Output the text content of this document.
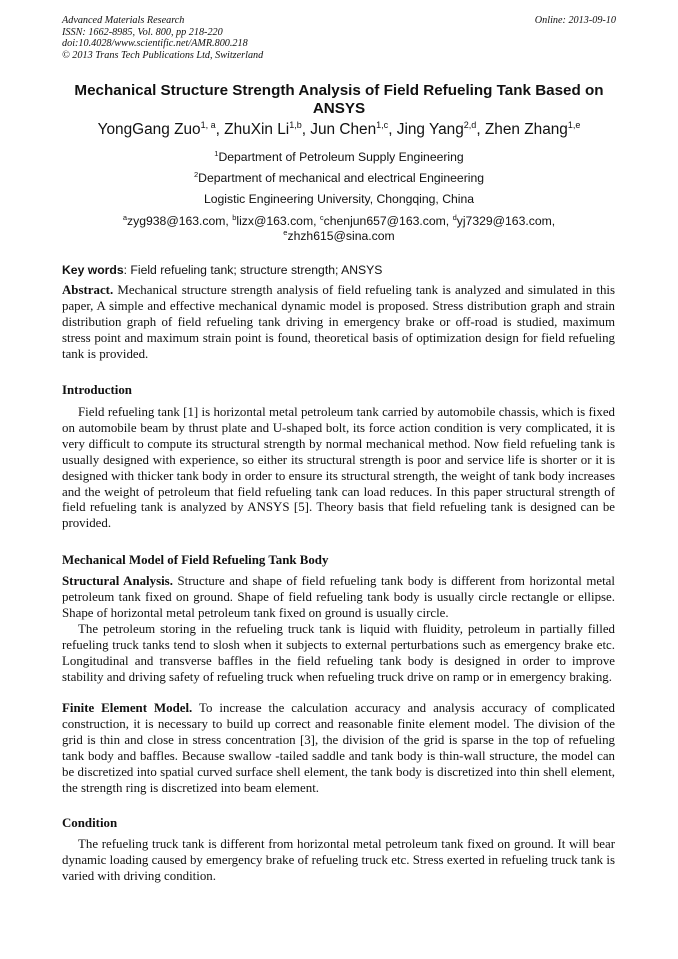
Advanced Materials Research
ISSN: 1662-8985, Vol. 800, pp 218-220
doi:10.4028/www.scientific.net/AMR.800.218
© 2013 Trans Tech Publications Ltd, Switzerland
Online: 2013-09-10
Mechanical Structure Strength Analysis of Field Refueling Tank Based on ANSYS
YongGang Zuo$^{1, a}$, ZhuXin Li$^{1,b}$, Jun Chen$^{1,c}$, Jing Yang$^{2,d}$, Zhen Zhang$^{1,e}$
$^1$Department of Petroleum Supply Engineering
$^2$Department of mechanical and electrical Engineering
Logistic Engineering University, Chongqing, China
$^a$zyg938@163.com, $^b$lizx@163.com, $^c$chenjun657@163.com, $^d$yj7329@163.com,
$^e$zhzh615@sina.com
Key words: Field refueling tank; structure strength; ANSYS
Abstract. Mechanical structure strength analysis of field refueling tank is analyzed and simulated in this paper, A simple and effective mechanical dynamic model is proposed. Stress distribution graph and strain distribution graph of field refueling tank driving in emergency brake or off-road is studied, maximum stress point and maximum strain point is found, theoretical basis of optimization design for field refueling tank is provided.
Introduction
Field refueling tank [1] is horizontal metal petroleum tank carried by automobile chassis, which is fixed on automobile beam by thrust plate and U-shaped bolt, its force action condition is very complicated, it is very difficult to compute its structural strength by normal mechanical method. Now field refueling tank is usually designed with experience, so either its structural strength is poor and service life is shorter or it is designed with thicker tank body in order to ensure its structural strength, the weight of tank body increases and the weight of petroleum that field refueling tank can load reduces. In this paper structural strength of field refueling tank is analyzed by ANSYS [5]. Theory basis that field refueling tank is designed can be provided.
Mechanical Model of Field Refueling Tank Body
Structural Analysis. Structure and shape of field refueling tank body is different from horizontal metal petroleum tank fixed on ground. Shape of field refueling tank body is usually circle rectangle or ellipse. Shape of horizontal metal petroleum tank fixed on ground is usually circle.
The petroleum storing in the refueling truck tank is liquid with fluidity, petroleum in partially filled refueling truck tanks tend to slosh when it subjects to external perturbations such as emergency brake etc. Longitudinal and transverse baffles in the field refueling tank body is designed in order to improve stability and driving safety of refueling truck when refueling truck drive on ramp or in emergency braking.
Finite Element Model. To increase the calculation accuracy and analysis accuracy of complicated construction, it is necessary to build up correct and reasonable finite element model. The division of the grid is thin and close in stress concentration [3], the division of the grid is sparse in the top of refueling tank body and baffles. Because swallow -tailed saddle and tank body is thin-wall structure, the model can be discretized into spatial curved surface shell element, the tank body is discretized into thin shell element, the strength ring is discretized into beam element.
Condition
The refueling truck tank is different from horizontal metal petroleum tank fixed on ground. It will bear dynamic loading caused by emergency brake of refueling truck etc. Stress exerted in refueling truck tank is varied with driving condition.
